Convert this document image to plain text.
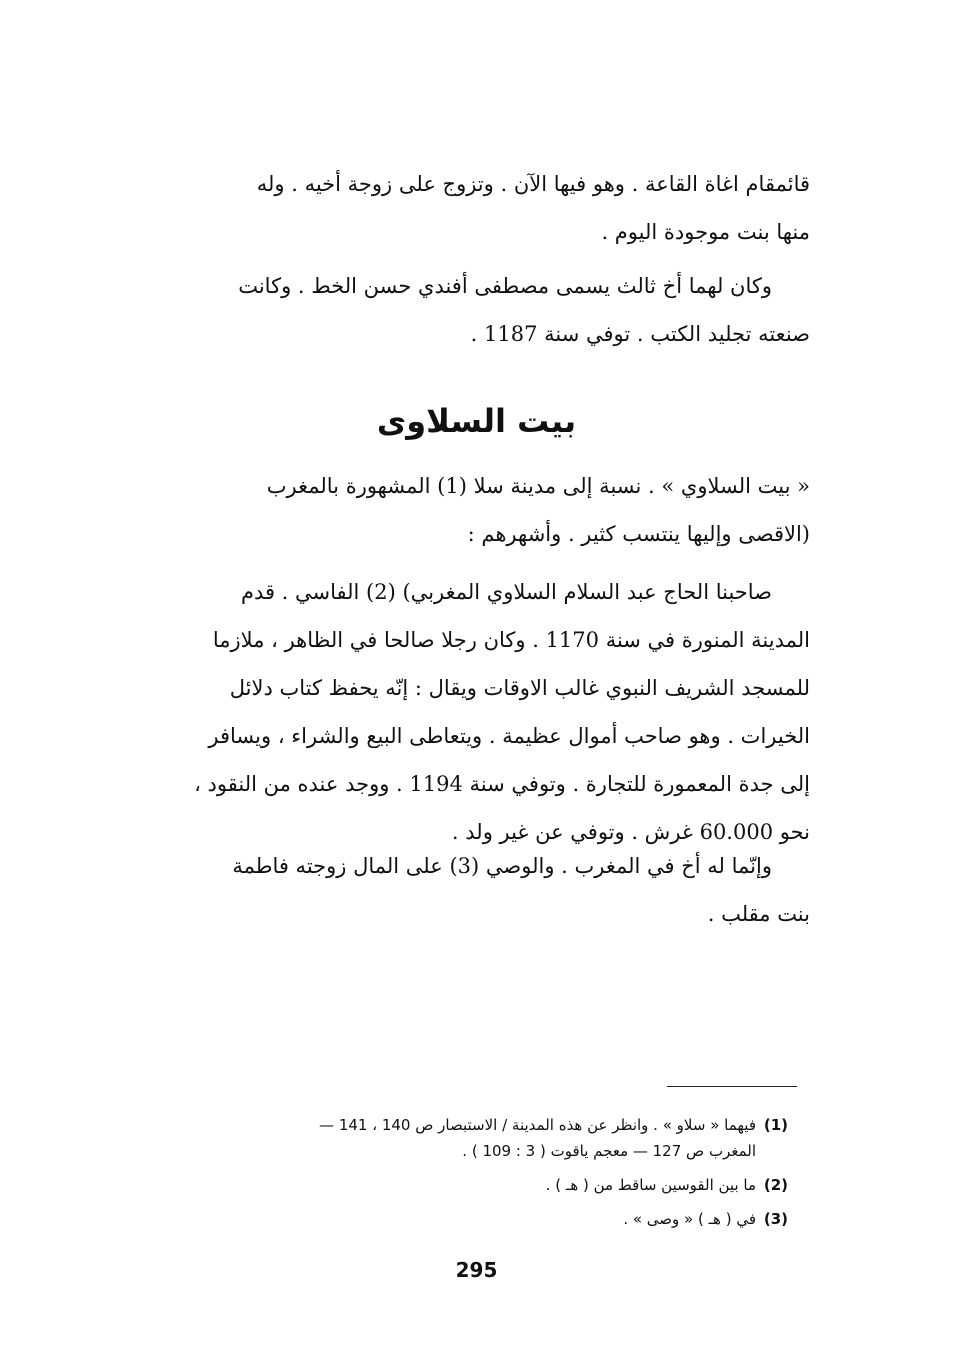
قائمقام اغاة القاعة . وهو فيها الآن . وتزوج على زوجة أخيه . وله
منها بنت موجودة اليوم .
وكان لهما أخ ثالث يسمى مصطفى أفندي حسن الخط . وكانت
صنعته تجليد الكتب . توفي سنة 1187 .
بيت السلاوى
« بيت السلاوي » . نسبة إلى مدينة سلا (1) المشهورة بالمغرب
(الاقصى وإليها ينتسب كثير . وأشهرهم :
صاحبنا الحاج عبد السلام السلاوي المغربي) (2) الفاسي . قدم
المدينة المنورة في سنة 1170 . وكان رجلا صالحا في الظاهر ، ملازما
للمسجد الشريف النبوي غالب الاوقات ويقال : إنّه يحفظ كتاب دلائل
الخيرات . وهو صاحب أموال عظيمة . ويتعاطى البيع والشراء ، ويسافر
إلى جدة المعمورة للتجارة . وتوفي سنة 1194 . ووجد عنده من النقود ،
نحو 60.000 غرش . وتوفي عن غير ولد .
وإنّما له أخ في المغرب . والوصي (3) على المال زوجته فاطمة
بنت مقلب .
(1)
فيهما « سلاو » . وانظر عن هذه المدينة / الاستبصار ص 140 ، 141 —
المغرب ص 127 — معجم ياقوت ( 3 : 109 ) .
(2)
ما بين القوسين ساقط من ( هـ ) .
(3)
في ( هـ ) « وصى » .
295
